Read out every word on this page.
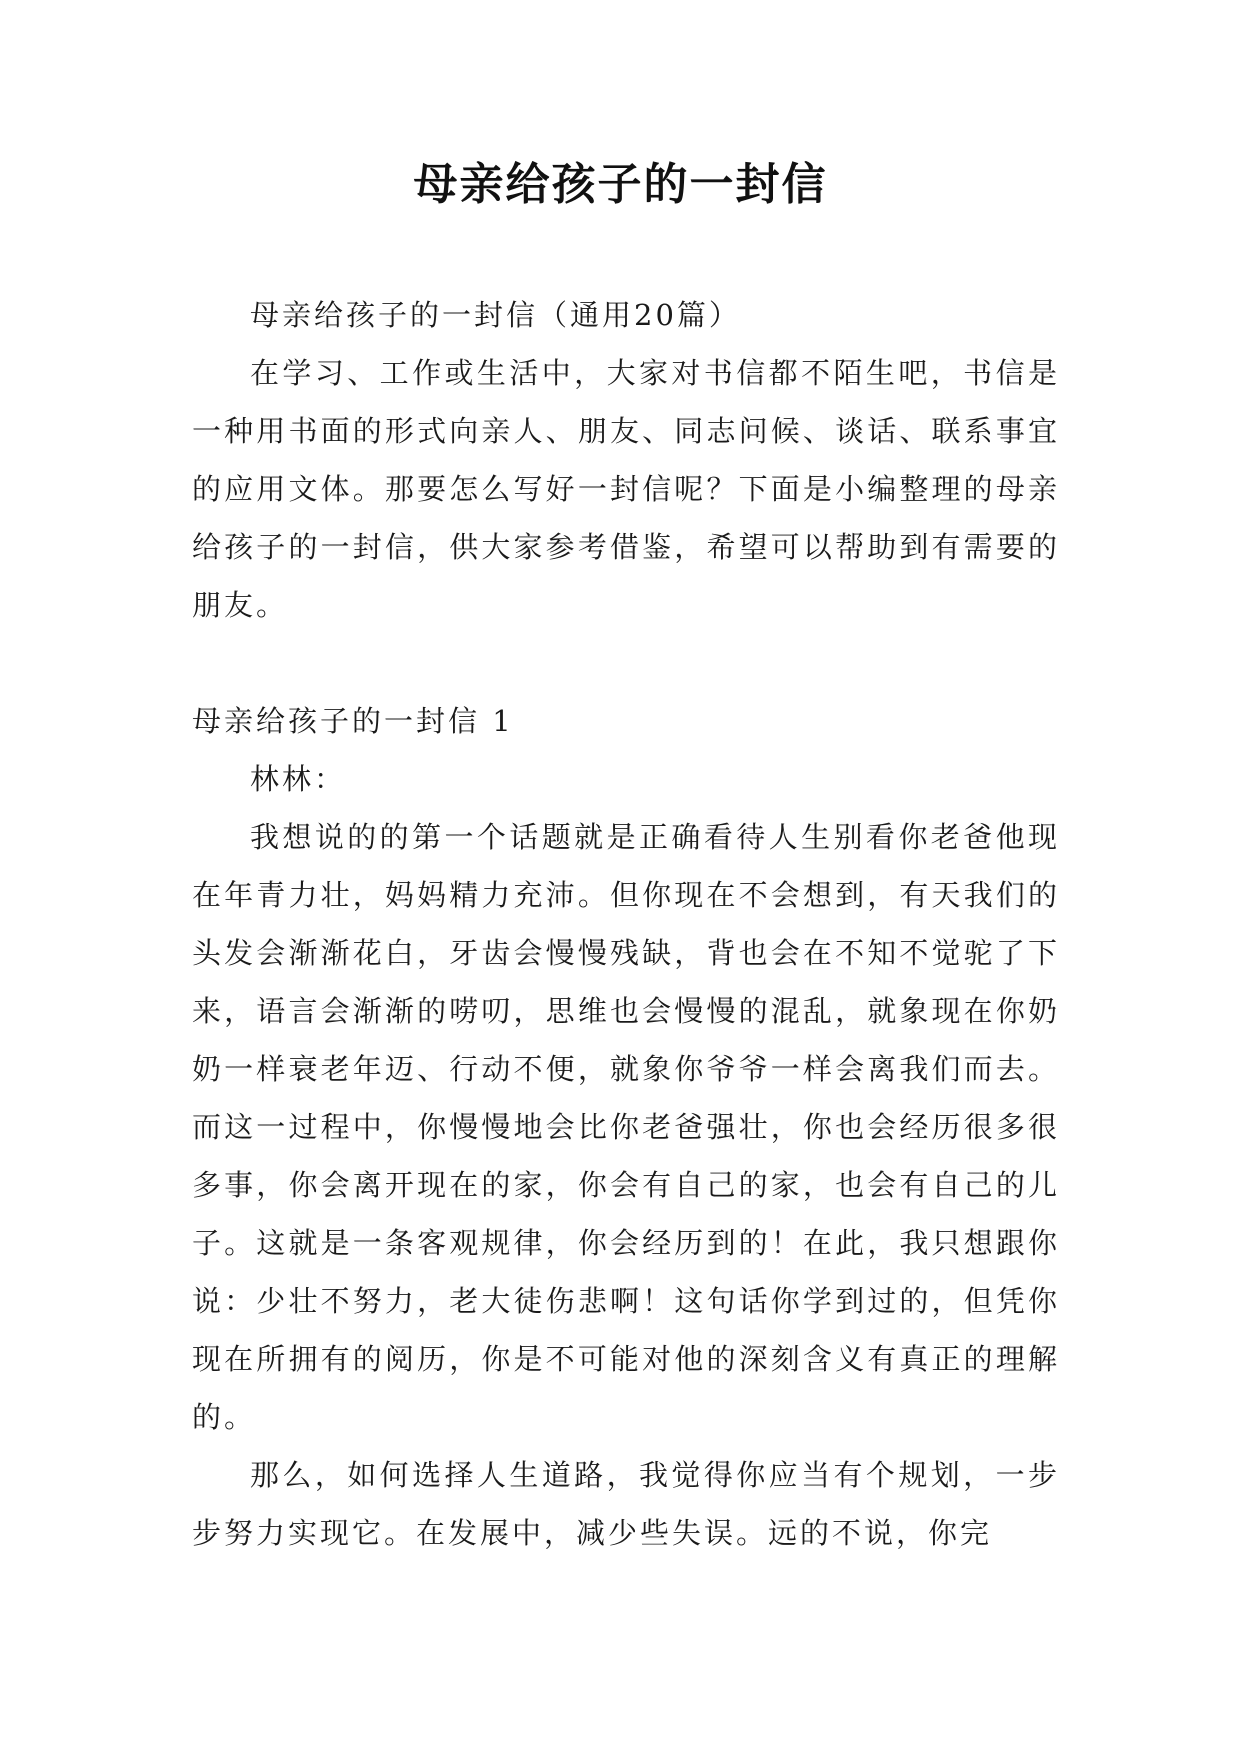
母亲给孩子的一封信

母亲给孩子的一封信（通用20篇）

在学习、工作或生活中，大家对书信都不陌生吧，书信是一种用书面的形式向亲人、朋友、同志问候、谈话、联系事宜的应用文体。那要怎么写好一封信呢？下面是小编整理的母亲给孩子的一封信，供大家参考借鉴，希望可以帮助到有需要的朋友。

母亲给孩子的一封信 1

林林：

我想说的的第一个话题就是正确看待人生别看你老爸他现在年青力壮，妈妈精力充沛。但你现在不会想到，有天我们的头发会渐渐花白，牙齿会慢慢残缺，背也会在不知不觉驼了下来，语言会渐渐的唠叨，思维也会慢慢的混乱，就象现在你奶奶一样衰老年迈、行动不便，就象你爷爷一样会离我们而去。而这一过程中，你慢慢地会比你老爸强壮，你也会经历很多很多事，你会离开现在的家，你会有自己的家，也会有自己的儿子。这就是一条客观规律，你会经历到的！在此，我只想跟你说：少壮不努力，老大徒伤悲啊！这句话你学到过的，但凭你现在所拥有的阅历，你是不可能对他的深刻含义有真正的理解的。

那么，如何选择人生道路，我觉得你应当有个规划，一步步努力实现它。在发展中，减少些失误。远的不说，你完
